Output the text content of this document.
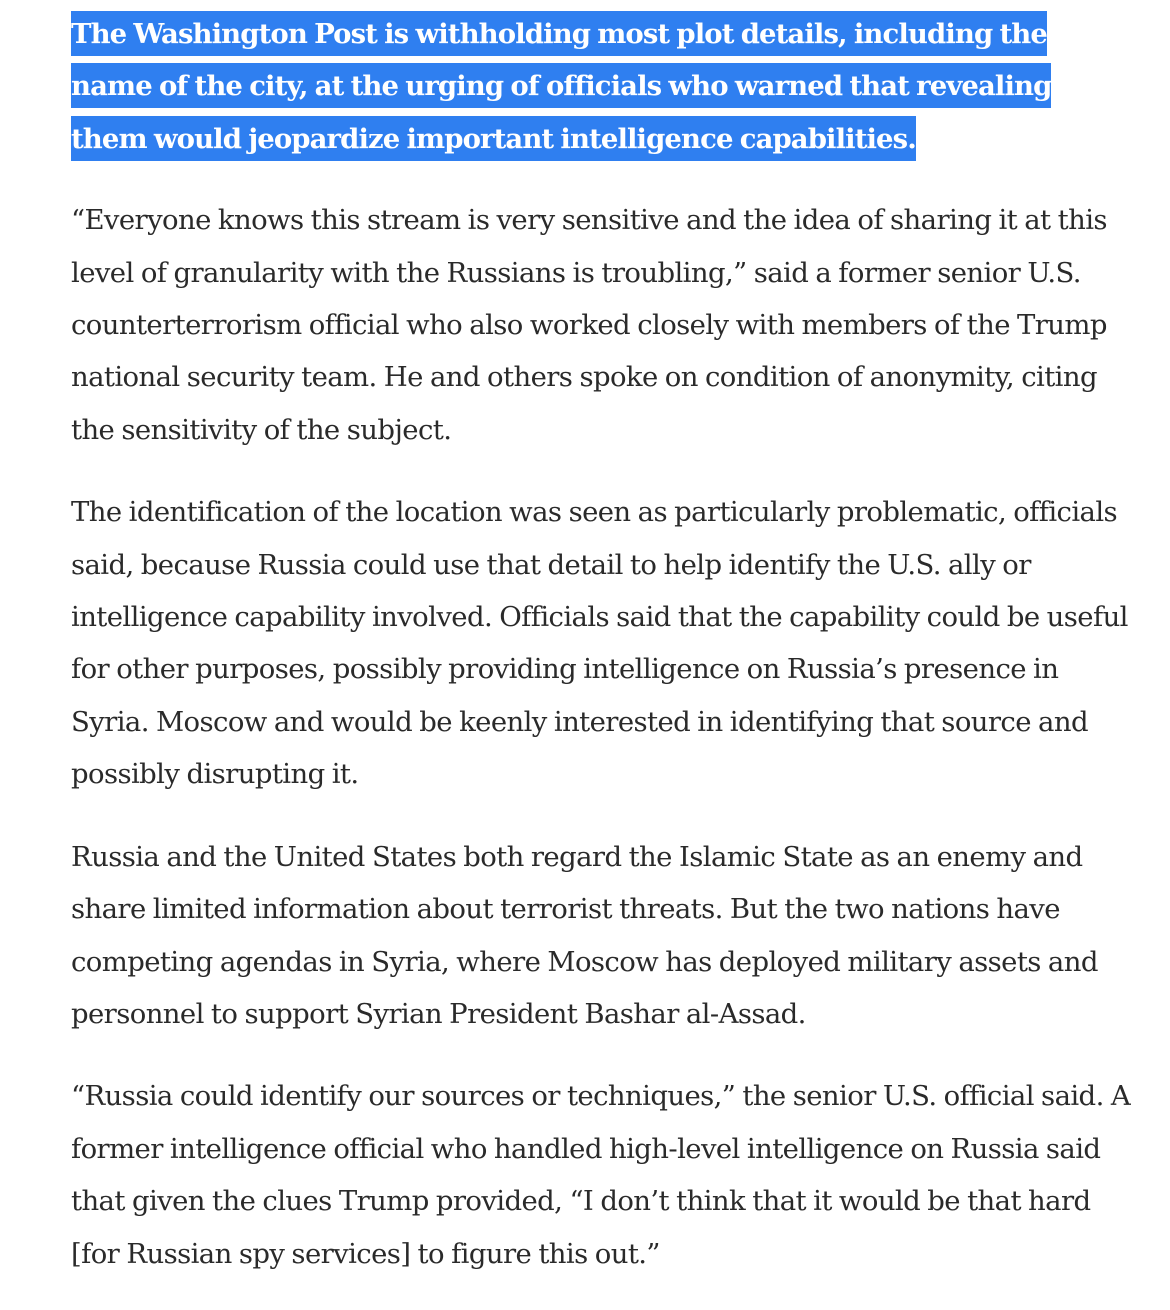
The Washington Post is withholding most plot details, including the name of the city, at the urging of officials who warned that revealing them would jeopardize important intelligence capabilities.

“Everyone knows this stream is very sensitive and the idea of sharing it at this level of granularity with the Russians is troubling,” said a former senior U.S. counterterrorism official who also worked closely with members of the Trump national security team. He and others spoke on condition of anonymity, citing the sensitivity of the subject.

The identification of the location was seen as particularly problematic, officials said, because Russia could use that detail to help identify the U.S. ally or intelligence capability involved. Officials said that the capability could be useful for other purposes, possibly providing intelligence on Russia’s presence in Syria. Moscow and would be keenly interested in identifying that source and possibly disrupting it.

Russia and the United States both regard the Islamic State as an enemy and share limited information about terrorist threats. But the two nations have competing agendas in Syria, where Moscow has deployed military assets and personnel to support Syrian President Bashar al-Assad.

“Russia could identify our sources or techniques,” the senior U.S. official said. A former intelligence official who handled high-level intelligence on Russia said that given the clues Trump provided, “I don’t think that it would be that hard [for Russian spy services] to figure this out.”
